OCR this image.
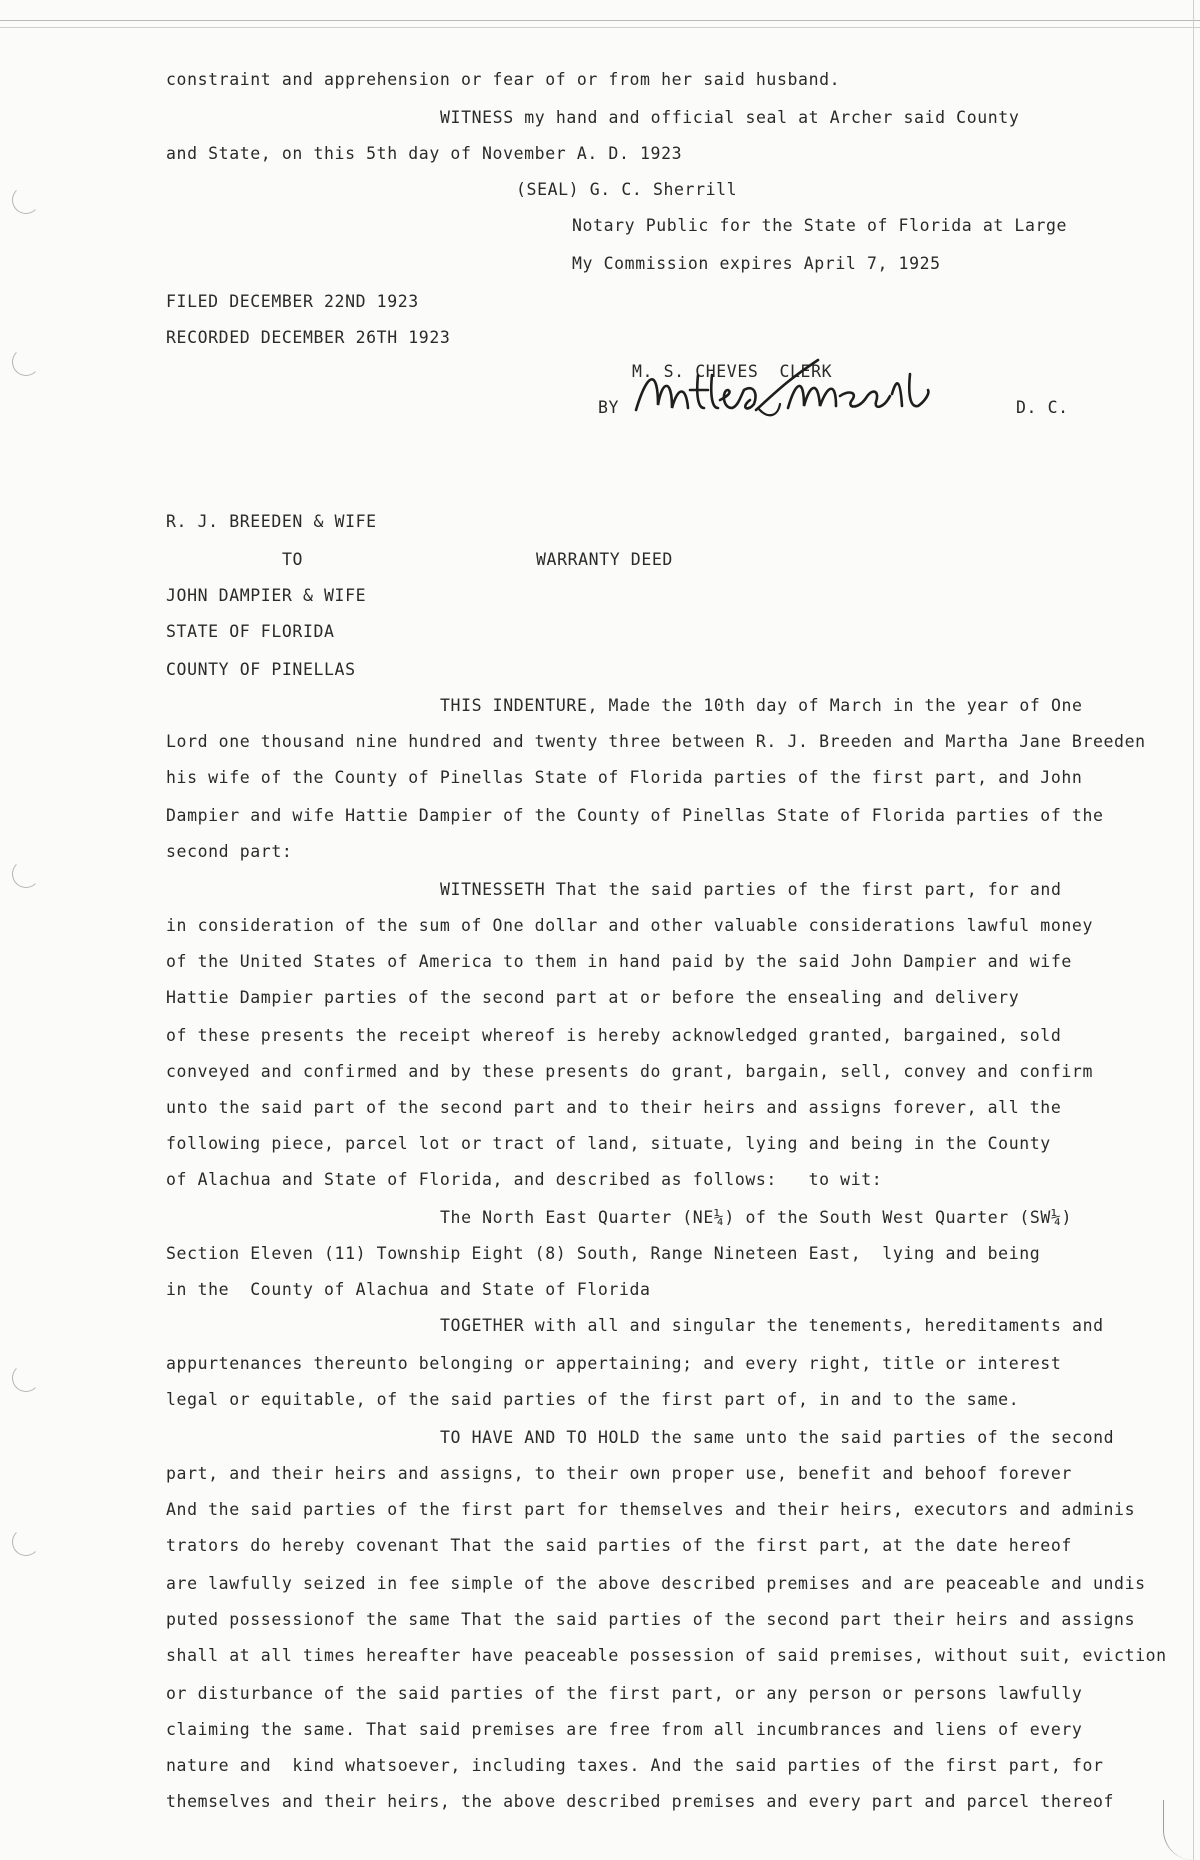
constraint and apprehension or fear of or from her said husband.
WITNESS my hand and official seal at Archer said County
and State, on this 5th day of November A. D. 1923
(SEAL) G. C. Sherrill
Notary Public for the State of Florida at Large
My Commission expires April 7, 1925
FILED DECEMBER 22ND 1923
RECORDED DECEMBER 26TH 1923
M. S. CHEVES  CLERK
BY	D. C.
R. J. BREEDEN & WIFE
TO	WARRANTY DEED
JOHN DAMPIER & WIFE
STATE OF FLORIDA
COUNTY OF PINELLAS
THIS INDENTURE, Made the 10th day of March in the year of One
Lord one thousand nine hundred and twenty three between R. J. Breeden and Martha Jane Breeden
his wife of the County of Pinellas State of Florida parties of the first part, and John
Dampier and wife Hattie Dampier of the County of Pinellas State of Florida parties of the
second part:
WITNESSETH That the said parties of the first part, for and
in consideration of the sum of One dollar and other valuable considerations lawful money
of the United States of America to them in hand paid by the said John Dampier and wife
Hattie Dampier parties of the second part at or before the ensealing and delivery
of these presents the receipt whereof is hereby acknowledged granted, bargained, sold
conveyed and confirmed and by these presents do grant, bargain, sell, convey and confirm
unto the said part of the second part and to their heirs and assigns forever, all the
following piece, parcel lot or tract of land, situate, lying and being in the County
of Alachua and State of Florida, and described as follows:   to wit:
The North East Quarter (NE¼) of the South West Quarter (SW¼)
Section Eleven (11) Township Eight (8) South, Range Nineteen East,  lying and being
in the  County of Alachua and State of Florida
TOGETHER with all and singular the tenements, hereditaments and
appurtenances thereunto belonging or appertaining; and every right, title or interest
legal or equitable, of the said parties of the first part of, in and to the same.
TO HAVE AND TO HOLD the same unto the said parties of the second
part, and their heirs and assigns, to their own proper use, benefit and behoof forever
And the said parties of the first part for themselves and their heirs, executors and adminis
trators do hereby covenant That the said parties of the first part, at the date hereof
are lawfully seized in fee simple of the above described premises and are peaceable and undis
puted possessionof the same That the said parties of the second part their heirs and assigns
shall at all times hereafter have peaceable possession of said premises, without suit, eviction
or disturbance of the said parties of the first part, or any person or persons lawfully
claiming the same. That said premises are free from all incumbrances and liens of every
nature and  kind whatsoever, including taxes. And the said parties of the first part, for
themselves and their heirs, the above described premises and every part and parcel thereof
